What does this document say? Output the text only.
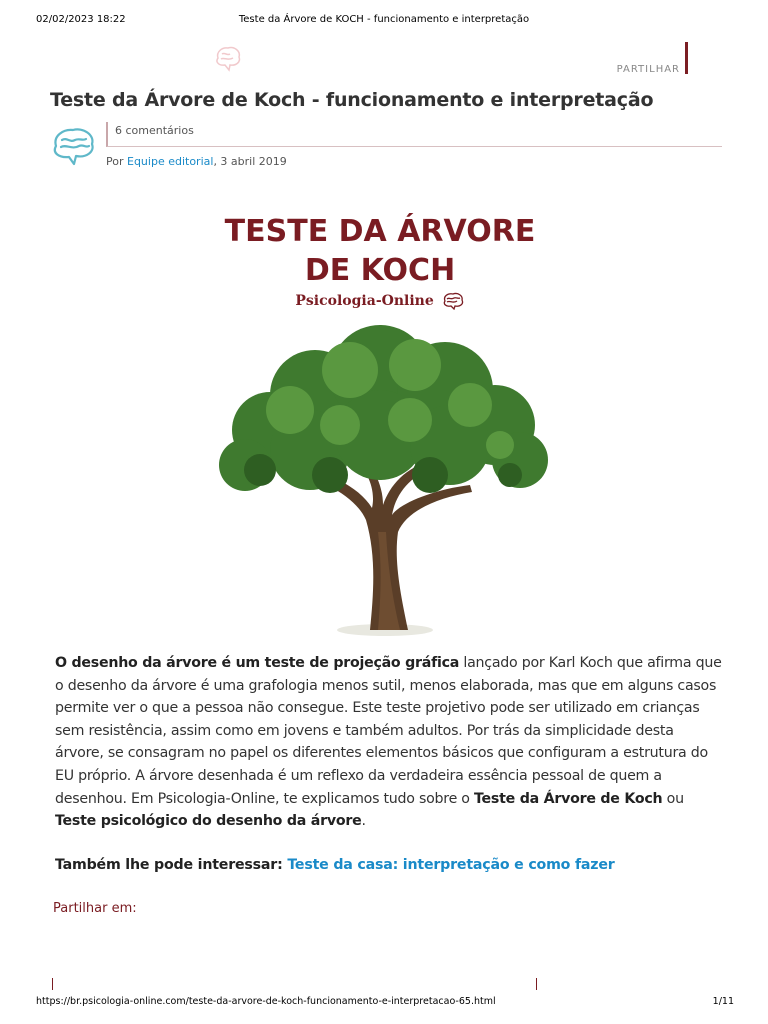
02/02/2023 18:22	Teste da Árvore de KOCH - funcionamento e interpretação

PARTILHAR
Teste da Árvore de Koch - funcionamento e interpretação
6 comentários
Por Equipe editorial, 3 abril 2019
TESTE DA ÁRVORE
DE KOCH
Psicologia-Online

O desenho da árvore é um teste de projeção gráfica lançado por Karl Koch que afirma que o desenho da árvore é uma grafologia menos sutil, menos elaborada, mas que em alguns casos permite ver o que a pessoa não consegue. Este teste projetivo pode ser utilizado em crianças sem resistência, assim como em jovens e também adultos. Por trás da simplicidade desta árvore, se consagram no papel os diferentes elementos básicos que configuram a estrutura do EU próprio. A árvore desenhada é um reflexo da verdadeira essência pessoal de quem a desenhou. Em Psicologia-Online, te explicamos tudo sobre o Teste da Árvore de Koch ou Teste psicológico do desenho da árvore.

Também lhe pode interessar: Teste da casa: interpretação e como fazer
Partilhar em:
https://br.psicologia-online.com/teste-da-arvore-de-koch-funcionamento-e-interpretacao-65.html	1/11
